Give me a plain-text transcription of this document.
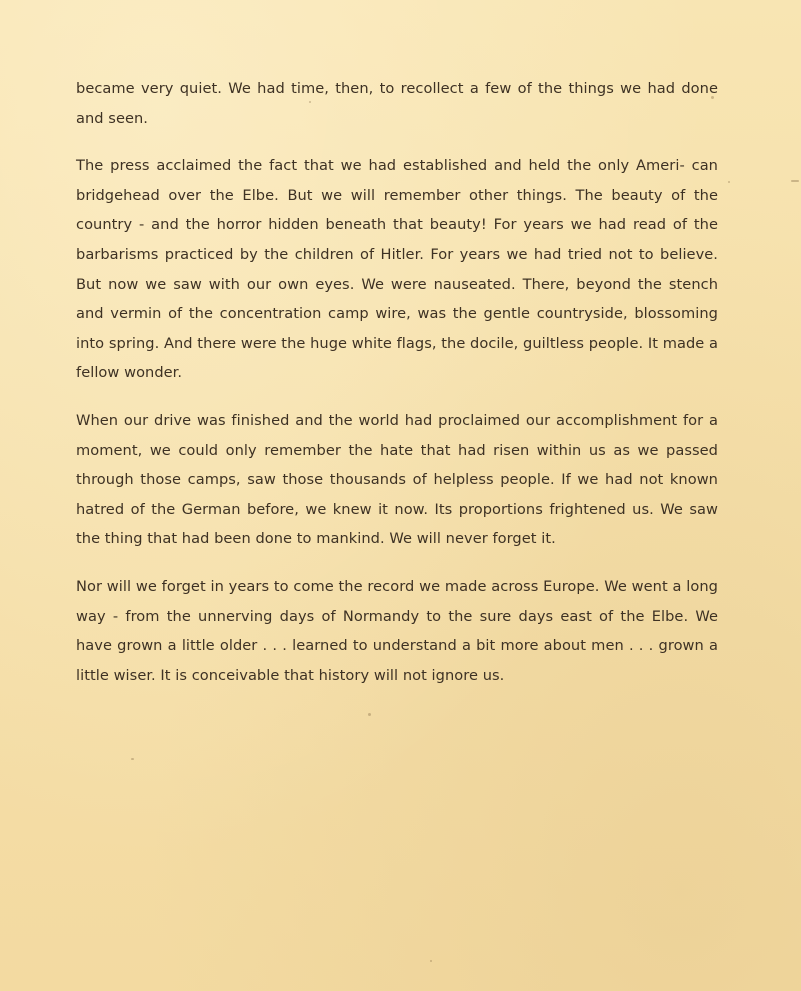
became very quiet. We had time, then, to recollect a few of the things we had done and seen.

The press acclaimed the fact that we had established and held the only Ameri- can bridgehead over the Elbe. But we will remember other things. The beauty of the country - and the horror hidden beneath that beauty! For years we had read of the barbarisms practiced by the children of Hitler. For years we had tried not to believe. But now we saw with our own eyes. We were nauseated. There, beyond the stench and vermin of the concentration camp wire, was the gentle countryside, blossoming into spring. And there were the huge white flags, the docile, guiltless people. It made a fellow wonder.

When our drive was finished and the world had proclaimed our accomplishment for a moment, we could only remember the hate that had risen within us as we passed through those camps, saw those thousands of helpless people. If we had not known hatred of the German before, we knew it now. Its proportions frightened us. We saw the thing that had been done to mankind. We will never forget it.

Nor will we forget in years to come the record we made across Europe. We went a long way - from the unnerving days of Normandy to the sure days east of the Elbe. We have grown a little older . . . learned to understand a bit more about men . . . grown a little wiser. It is conceivable that history will not ignore us.
